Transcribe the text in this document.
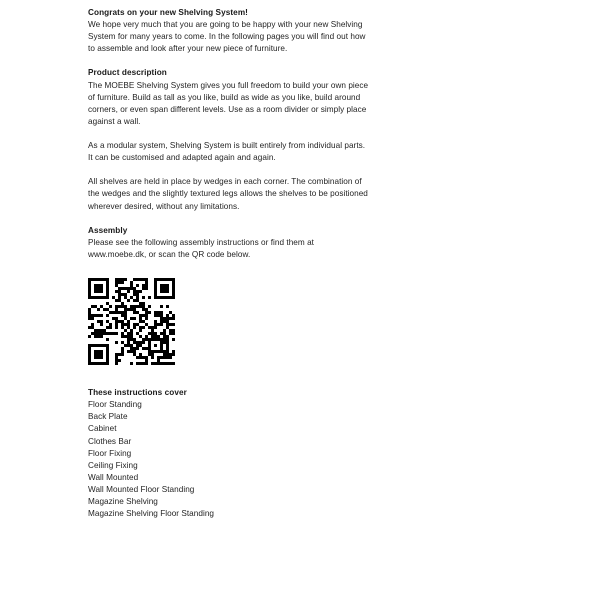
Congrats on your new Shelving System!
We hope very much that you are going to be happy with your new Shelving System for many years to come. In the following pages you will find out how to assemble and look after your new piece of furniture.
Product description
The MOEBE Shelving System gives you full freedom to build your own piece of furniture. Build as tall as you like, build as wide as you like, build around corners, or even span different levels. Use as a room divider or simply place against a wall.
As a modular system, Shelving System is built entirely from individual parts. It can be customised and adapted again and again.
All shelves are held in place by wedges in each corner. The combination of the wedges and the slightly textured legs allows the shelves to be positioned wherever desired, without any limitations.
Assembly
Please see the following assembly instructions or find them at www.moebe.dk, or scan the QR code below.
These instructions cover
Floor Standing
Back Plate
Cabinet
Clothes Bar
Floor Fixing
Ceiling Fixing
Wall Mounted
Wall Mounted Floor Standing
Magazine Shelving
Magazine Shelving Floor Standing
